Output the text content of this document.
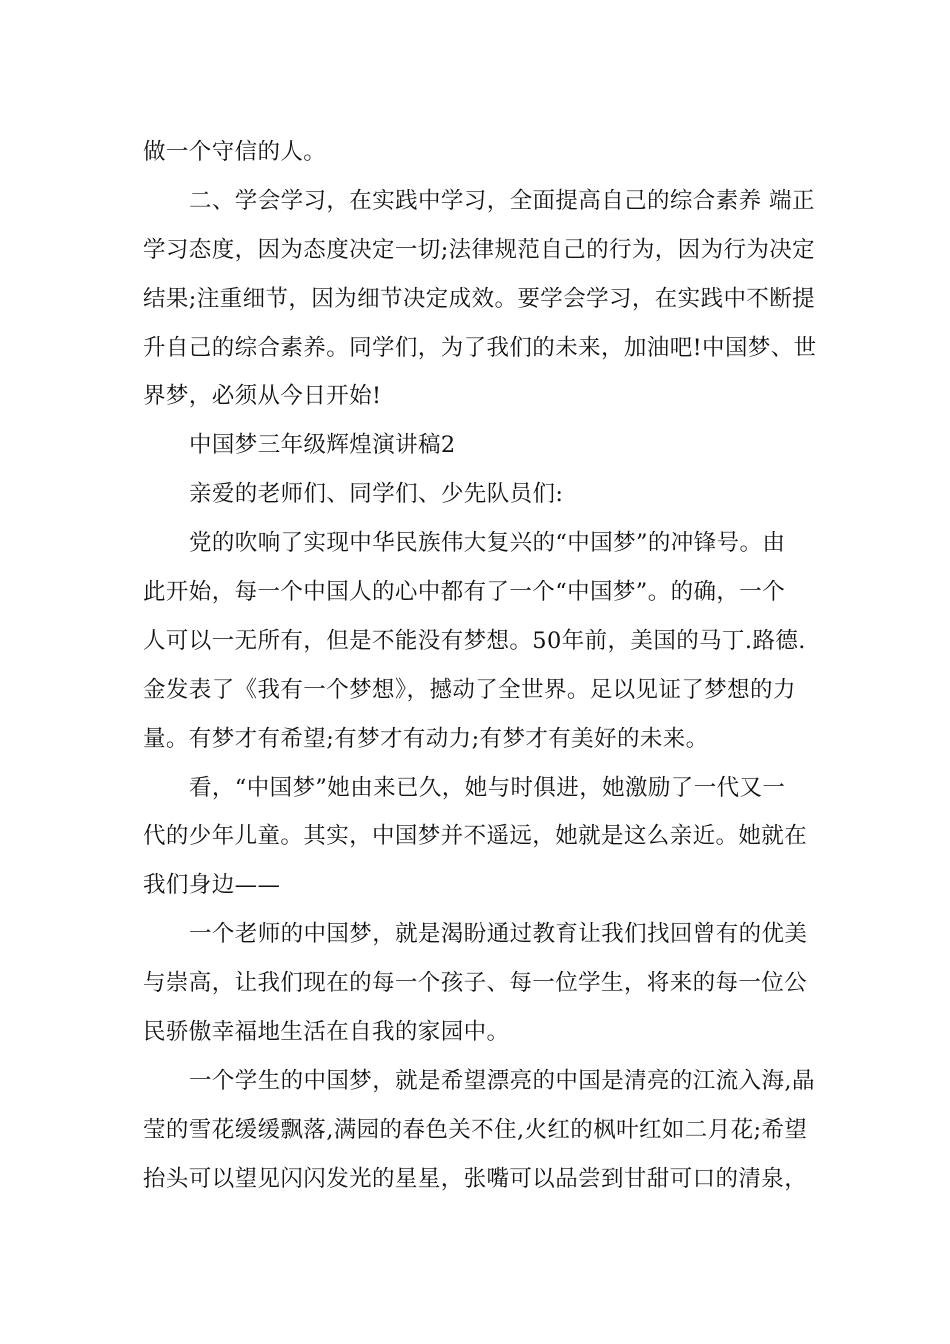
做一个守信的人。
二、学会学习，在实践中学习，全面提高自己的综合素养 端正
学习态度，因为态度决定一切;法律规范自己的行为，因为行为决定
结果;注重细节，因为细节决定成效。要学会学习，在实践中不断提
升自己的综合素养。同学们，为了我们的未来，加油吧!中国梦、世
界梦，必须从今日开始!
中国梦三年级辉煌演讲稿2
亲爱的老师们、同学们、少先队员们:
党的吹响了实现中华民族伟大复兴的“中国梦”的冲锋号。由
此开始，每一个中国人的心中都有了一个“中国梦”。的确，一个
人可以一无所有，但是不能没有梦想。50年前，美国的马丁.路德.
金发表了《我有一个梦想》，撼动了全世界。足以见证了梦想的力
量。有梦才有希望;有梦才有动力;有梦才有美好的未来。
看，“中国梦”她由来已久，她与时俱进，她激励了一代又一
代的少年儿童。其实，中国梦并不遥远，她就是这么亲近。她就在
我们身边——
一个老师的中国梦，就是渴盼通过教育让我们找回曾有的优美
与崇高，让我们现在的每一个孩子、每一位学生，将来的每一位公
民骄傲幸福地生活在自我的家园中。
一个学生的中国梦，就是希望漂亮的中国是清亮的江流入海,晶
莹的雪花缓缓飘落,满园的春色关不住,火红的枫叶红如二月花;希望
抬头可以望见闪闪发光的星星，张嘴可以品尝到甘甜可口的清泉，
